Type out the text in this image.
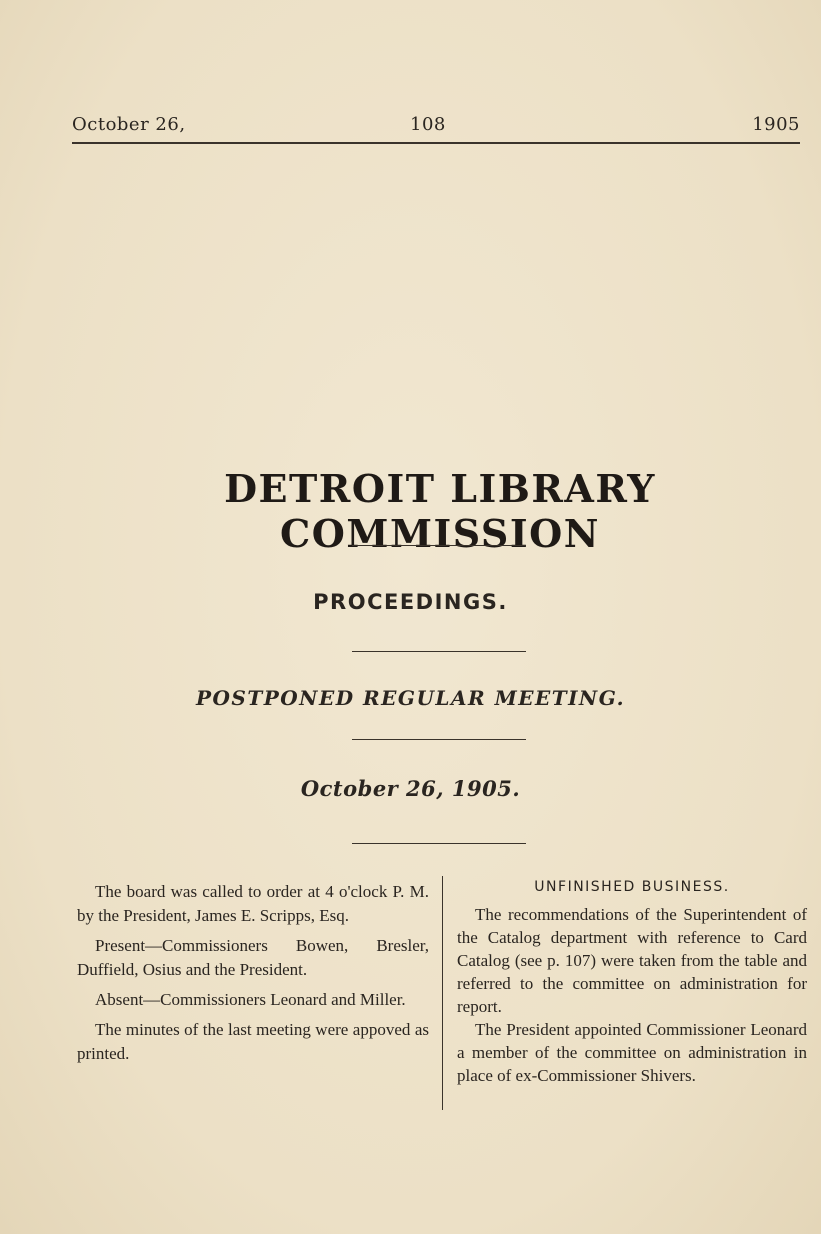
October 26,	108	1905
DETROIT LIBRARY COMMISSION
PROCEEDINGS.
POSTPONED REGULAR MEETING.
October 26, 1905.

The board was called to order at 4 o'clock P. M. by the President, James E. Scripps, Esq.

Present—Commissioners Bowen, Bresler, Duffield, Osius and the President.

Absent—Commissioners Leonard and Miller.

The minutes of the last meeting were appoved as printed.

UNFINISHED BUSINESS.

The recommendations of the Superintendent of the Catalog department with reference to Card Catalog (see p. 107) were taken from the table and referred to the committee on administration for report.

The President appointed Commissioner Leonard a member of the committee on administration in place of ex-Commissioner Shivers.
